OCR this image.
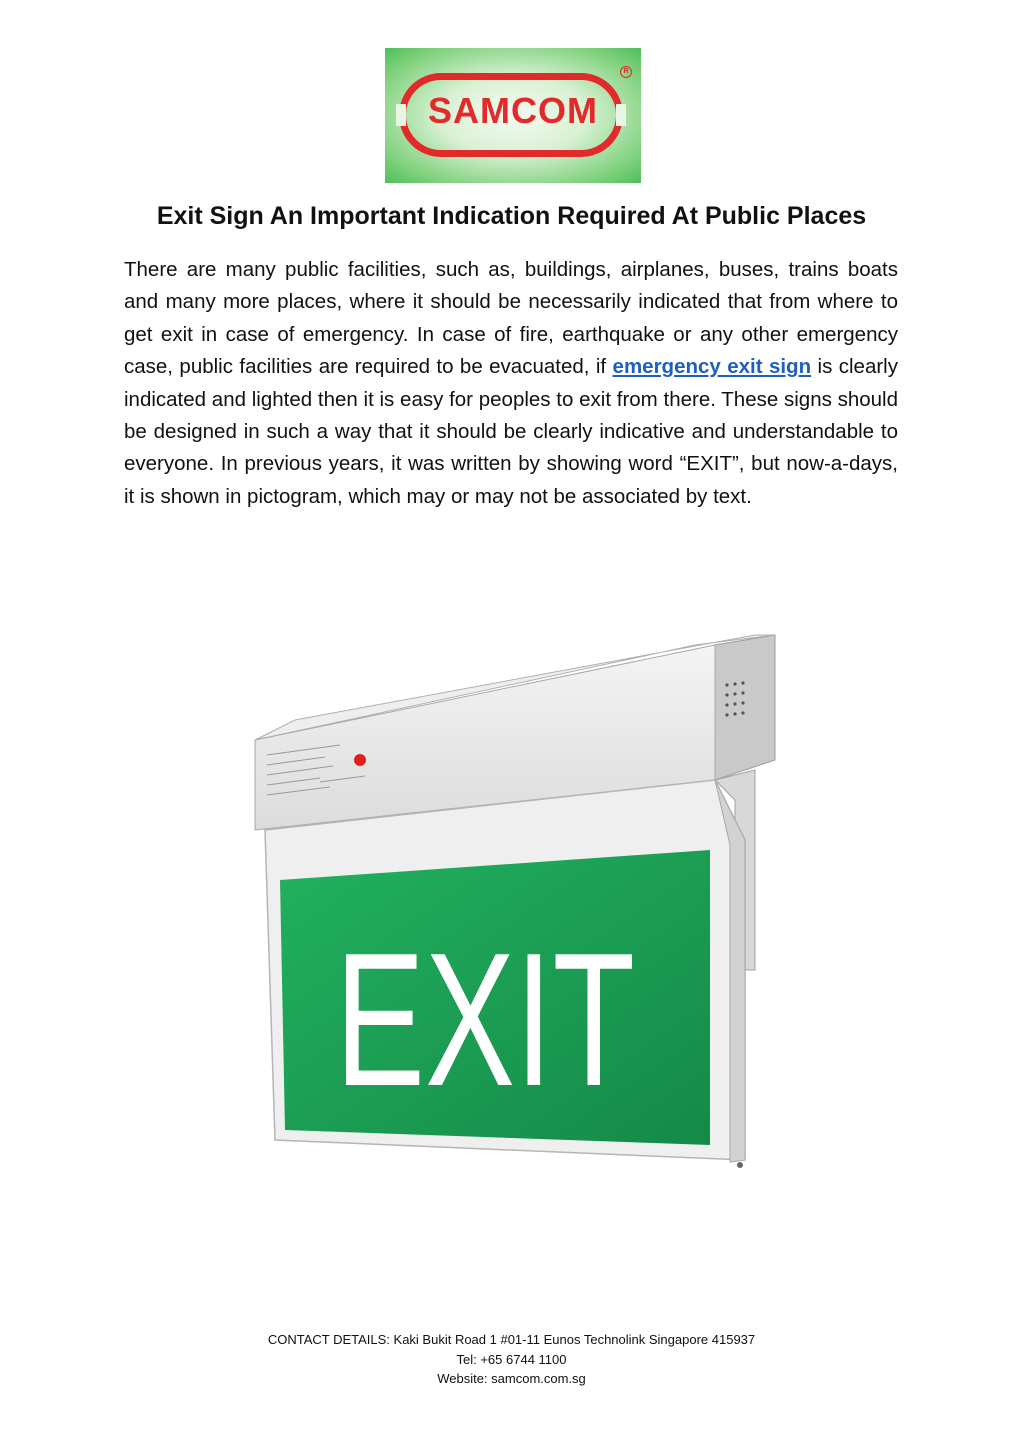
SAMCOM
R
Exit Sign An Important Indication Required At Public Places

There are many public facilities, such as, buildings, airplanes, buses, trains boats and many more places, where it should be necessarily indicated that from where to get exit in case of emergency. In case of fire, earthquake or any other emergency case, public facilities are required to be evacuated, if emergency exit sign is clearly indicated and lighted then it is easy for peoples to exit from there. These signs should be designed in such a way that it should be clearly indicative and understandable to everyone. In previous years, it was written by showing word “EXIT”, but now-a-days, it is shown in pictogram, which may or may not be associated by text.

EXIT
CONTACT DETAILS: Kaki Bukit Road 1 #01-11 Eunos Technolink Singapore 415937
Tel: +65 6744 1100
Website: samcom.com.sg
